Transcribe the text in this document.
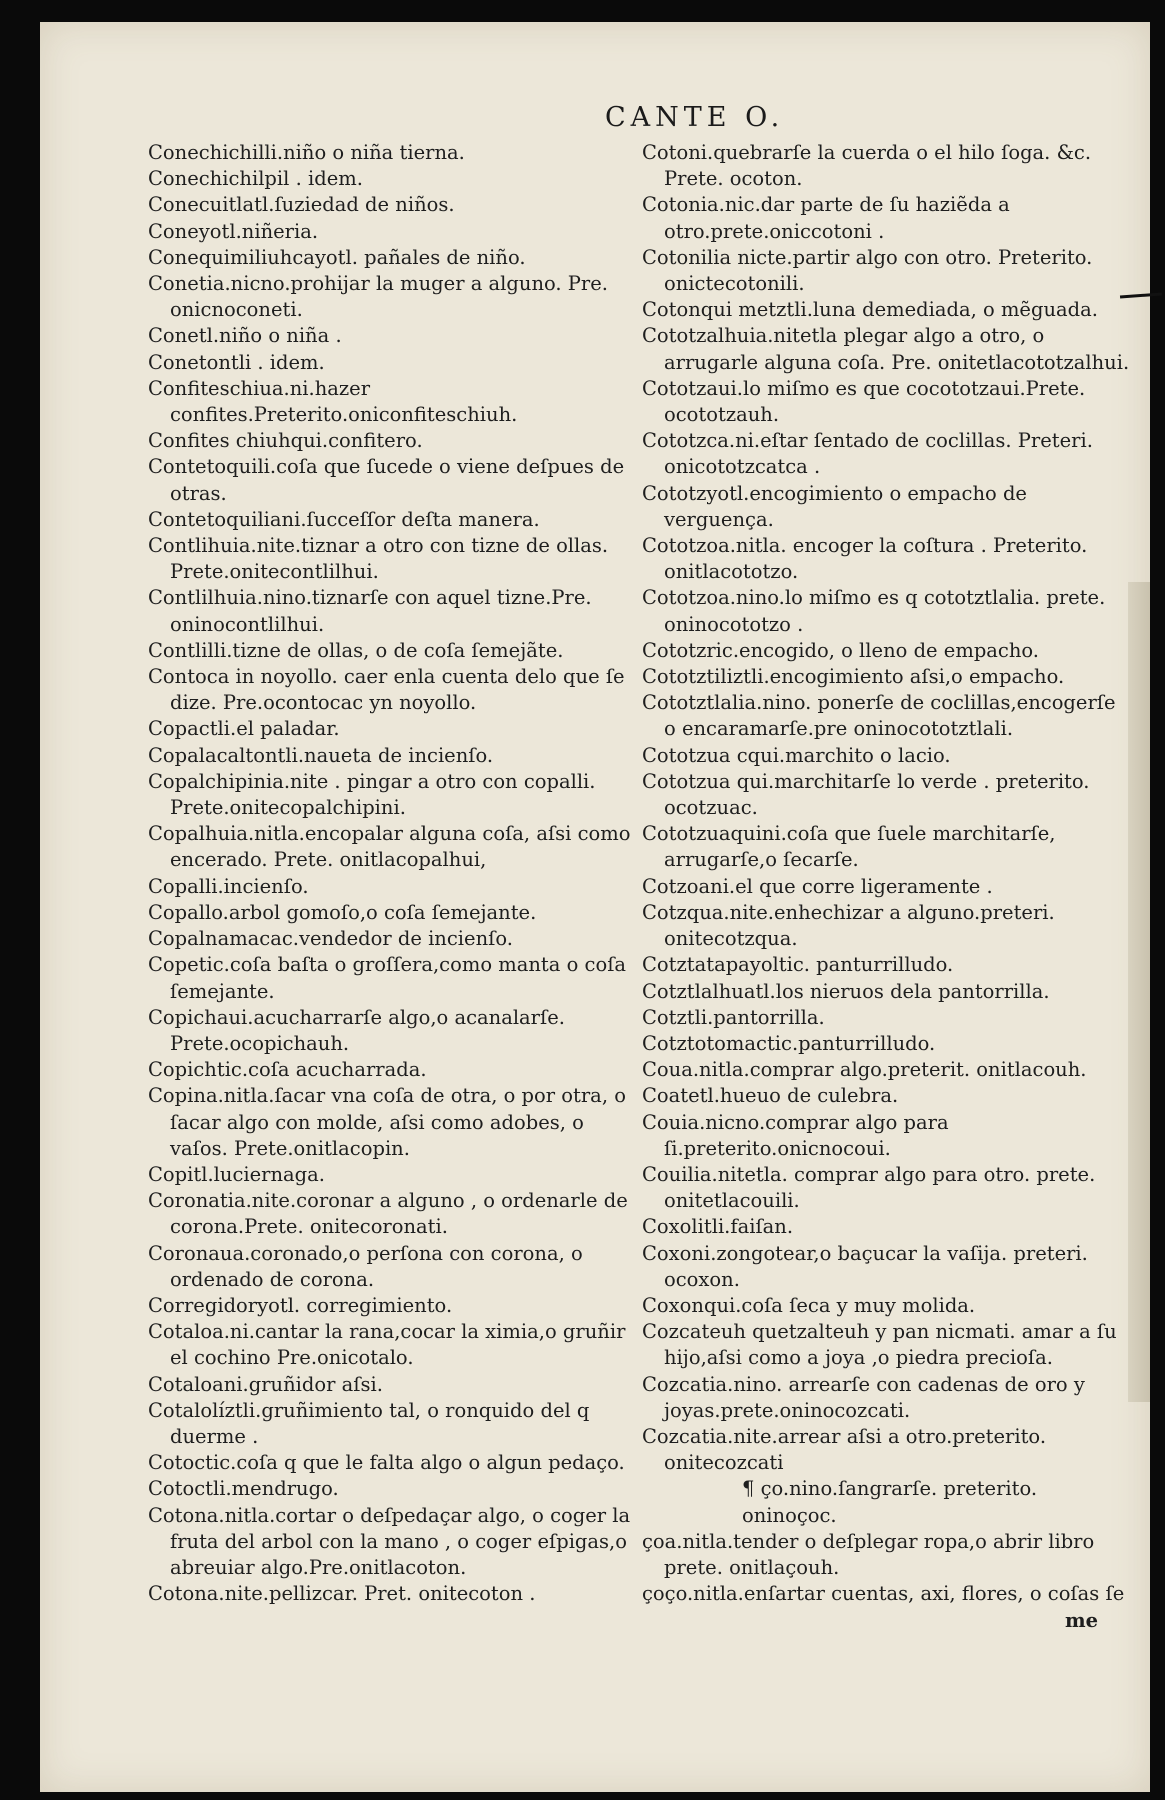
CANTE O.

Conechichilli.niño o niña tierna.

Conechichilpil . idem.

Conecuitlatl.ſuziedad de niños.

Coneyotl.niñeria.

Conequimiliuhcayotl. pañales de niño.

Conetia.nicno.prohijar la muger a alguno. Pre. onicnoconeti.

Conetl.niño o niña .

Conetontli . idem.

Confiteschiua.ni.hazer confites.Preterito.oniconfiteschiuh.

Confites chiuhqui.confitero.

Contetoquili.coſa que ſucede o viene deſpues de otras.

Contetoquiliani.ſucceſſor deſta manera.

Contlihuia.nite.tiznar a otro con tizne de ollas. Prete.onitecontlilhui.

Contlilhuia.nino.tiznarſe con aquel tizne.Pre. oninocontlilhui.

Contlilli.tizne de ollas, o de coſa ſemejãte.

Contoca in noyollo. caer enla cuenta delo que ſe dize. Pre.ocontocac yn noyollo.

Copactli.el paladar.

Copalacaltontli.naueta de incienſo.

Copalchipinia.nite . pingar a otro con copalli. Prete.onitecopalchipini.

Copalhuia.nitla.encopalar alguna coſa, aſsi como encerado. Prete. onitlacopalhui,

Copalli.incienſo.

Copallo.arbol gomoſo,o coſa ſemejante.

Copalnamacac.vendedor de incienſo.

Copetic.coſa baſta o groſſera,como manta o coſa ſemejante.

Copichaui.acucharrarſe algo,o acanalarſe. Prete.ocopichauh.

Copichtic.coſa acucharrada.

Copina.nitla.ſacar vna coſa de otra, o por otra, o ſacar algo con molde, aſsi como adobes, o vaſos. Prete.onitlacopin.

Copitl.luciernaga.

Coronatia.nite.coronar a alguno , o ordenarle de corona.Prete. onitecoronati.

Coronaua.coronado,o perſona con corona, o ordenado de corona.

Corregidoryotl. corregimiento.

Cotaloa.ni.cantar la rana,cocar la ximia,o gruñir el cochino Pre.onicotalo.

Cotaloani.gruñidor aſsi.

Cotalolíztli.gruñimiento tal, o ronquido del q duerme .

Cotoctic.coſa q que le falta algo o algun pedaço.

Cotoctli.mendrugo.

Cotona.nitla.cortar o deſpedaçar algo, o coger la fruta del arbol con la mano , o coger eſpigas,o abreuiar algo.Pre.onitlacoton.

Cotona.nite.pellizcar. Pret. onitecoton .

Cotoni.quebrarſe la cuerda o el hilo ſoga. &c. Prete. ocoton.

Cotonia.nic.dar parte de ſu haziẽda a otro.prete.oniccotoni .

Cotonilia nicte.partir algo con otro. Preterito. onictecotonili.

Cotonqui metztli.luna demediada, o mẽguada.

Cototzalhuia.nitetla plegar algo a otro, o arrugarle alguna coſa. Pre. onitetlacototzalhui.

Cototzaui.lo miſmo es que cocototzaui.Prete. ocototzauh.

Cototzca.ni.eſtar ſentado de coclillas. Preteri. onicototzcatca .

Cototzyotl.encogimiento o empacho de verguença.

Cototzoa.nitla. encoger la coſtura . Preterito. onitlacototzo.

Cototzoa.nino.lo miſmo es q cototztlalia. prete. oninocototzo .

Cototzric.encogido, o lleno de empacho.

Cototztiliztli.encogimiento aſsi,o empacho.

Cototztlalia.nino. ponerſe de coclillas,encogerſe o encaramarſe.pre oninocototztlali.

Cototzua cqui.marchito o lacio.

Cototzua qui.marchitarſe lo verde . preterito. ocotzuac.

Cototzuaquini.coſa que ſuele marchitarſe, arrugarſe,o ſecarſe.

Cotzoani.el que corre ligeramente .

Cotzqua.nite.enhechizar a alguno.preteri. onitecotzqua.

Cotztatapayoltic. panturrilludo.

Cotztlalhuatl.los nieruos dela pantorrilla.

Cotztli.pantorrilla.

Cotztotomactic.panturrilludo.

Coua.nitla.comprar algo.preterit. onitlacouh.

Coatetl.hueuo de culebra.

Couia.nicno.comprar algo para ſi.preterito.onicnocoui.

Couilia.nitetla. comprar algo para otro. prete. onitetlacouili.

Coxolitli.faiſan.

Coxoni.zongotear,o baçucar la vaſija. preteri. ocoxon.

Coxonqui.coſa ſeca y muy molida.

Cozcateuh quetzalteuh y pan nicmati. amar a ſu hijo,aſsi como a joya ,o piedra precioſa.

Cozcatia.nino. arrearſe con cadenas de oro y joyas.prete.oninocozcati.

Cozcatia.nite.arrear aſsi a otro.preterito. onitecozcati

¶ ço.nino.ſangrarſe. preterito. oninoçoc.

çoa.nitla.tender o deſplegar ropa,o abrir libro prete. onitlaçouh.

çoço.nitla.enſartar cuentas, axi, flores, o coſas ſe

me
